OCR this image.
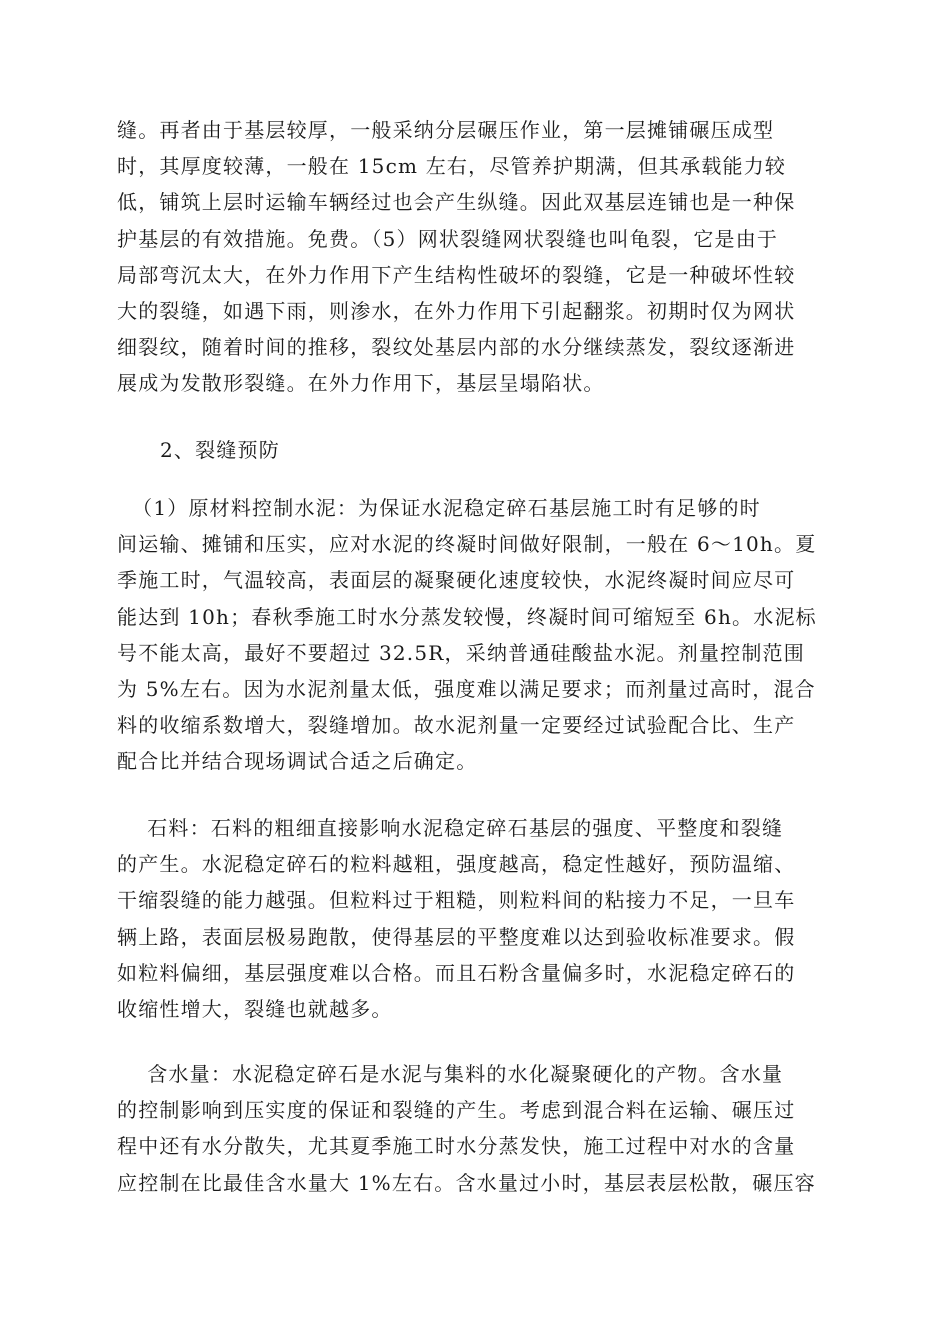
缝。再者由于基层较厚，一般采纳分层碾压作业，第一层摊铺碾压成型
时，其厚度较薄，一般在 15cm 左右，尽管养护期满，但其承载能力较
低，铺筑上层时运输车辆经过也会产生纵缝。因此双基层连铺也是一种保
护基层的有效措施。免费。（5）网状裂缝网状裂缝也叫龟裂，它是由于
局部弯沉太大，在外力作用下产生结构性破坏的裂缝，它是一种破坏性较
大的裂缝，如遇下雨，则渗水，在外力作用下引起翻浆。初期时仅为网状
细裂纹，随着时间的推移，裂纹处基层内部的水分继续蒸发，裂纹逐渐进
展成为发散形裂缝。在外力作用下，基层呈塌陷状。
2、裂缝预防
（1）原材料控制水泥：为保证水泥稳定碎石基层施工时有足够的时
间运输、摊铺和压实，应对水泥的终凝时间做好限制，一般在 6～10h。夏
季施工时，气温较高，表面层的凝聚硬化速度较快，水泥终凝时间应尽可
能达到 10h；春秋季施工时水分蒸发较慢，终凝时间可缩短至 6h。水泥标
号不能太高，最好不要超过 32.5R，采纳普通硅酸盐水泥。剂量控制范围
为 5%左右。因为水泥剂量太低，强度难以满足要求；而剂量过高时，混合
料的收缩系数增大，裂缝增加。故水泥剂量一定要经过试验配合比、生产
配合比并结合现场调试合适之后确定。
石料：石料的粗细直接影响水泥稳定碎石基层的强度、平整度和裂缝
的产生。水泥稳定碎石的粒料越粗，强度越高，稳定性越好，预防温缩、
干缩裂缝的能力越强。但粒料过于粗糙，则粒料间的粘接力不足，一旦车
辆上路，表面层极易跑散，使得基层的平整度难以达到验收标准要求。假
如粒料偏细，基层强度难以合格。而且石粉含量偏多时，水泥稳定碎石的
收缩性增大，裂缝也就越多。
含水量：水泥稳定碎石是水泥与集料的水化凝聚硬化的产物。含水量
的控制影响到压实度的保证和裂缝的产生。考虑到混合料在运输、碾压过
程中还有水分散失，尤其夏季施工时水分蒸发快，施工过程中对水的含量
应控制在比最佳含水量大 1%左右。含水量过小时，基层表层松散，碾压容
